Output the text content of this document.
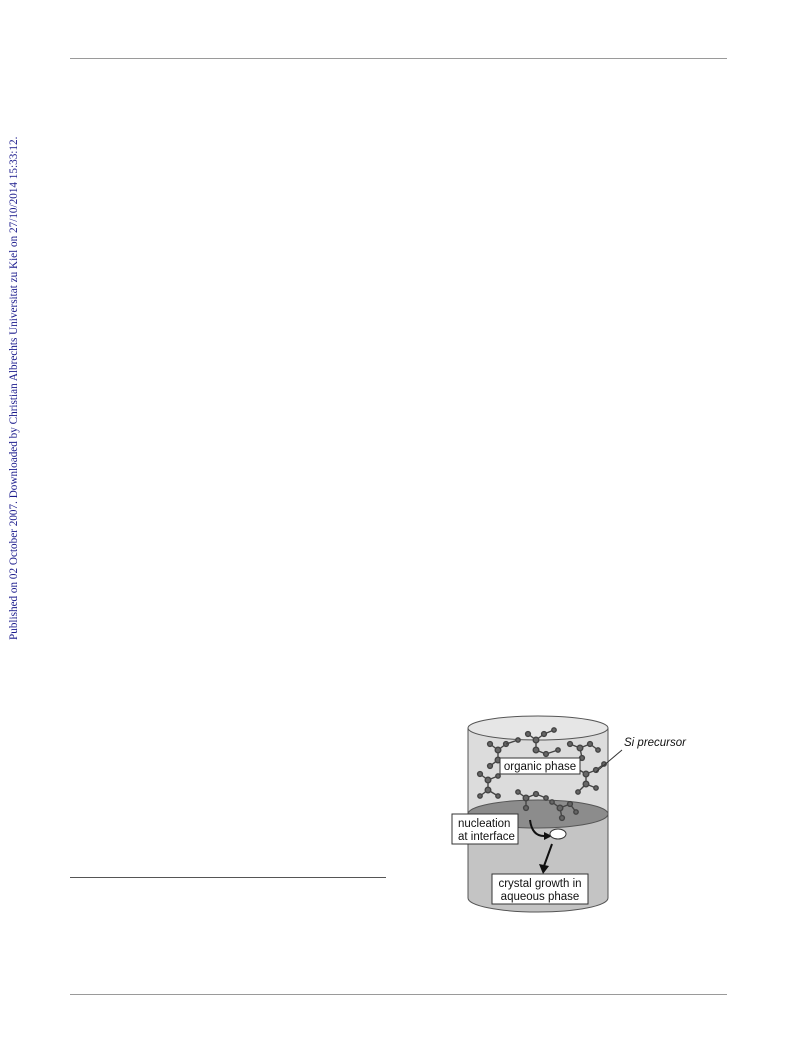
Published on 02 October 2007. Downloaded by Christian Albrechts Universitat zu Kiel on 27/10/2014 15:33:12.
organic phase
Si precursor
nucleation
at interface
crystal growth in
aqueous phase
